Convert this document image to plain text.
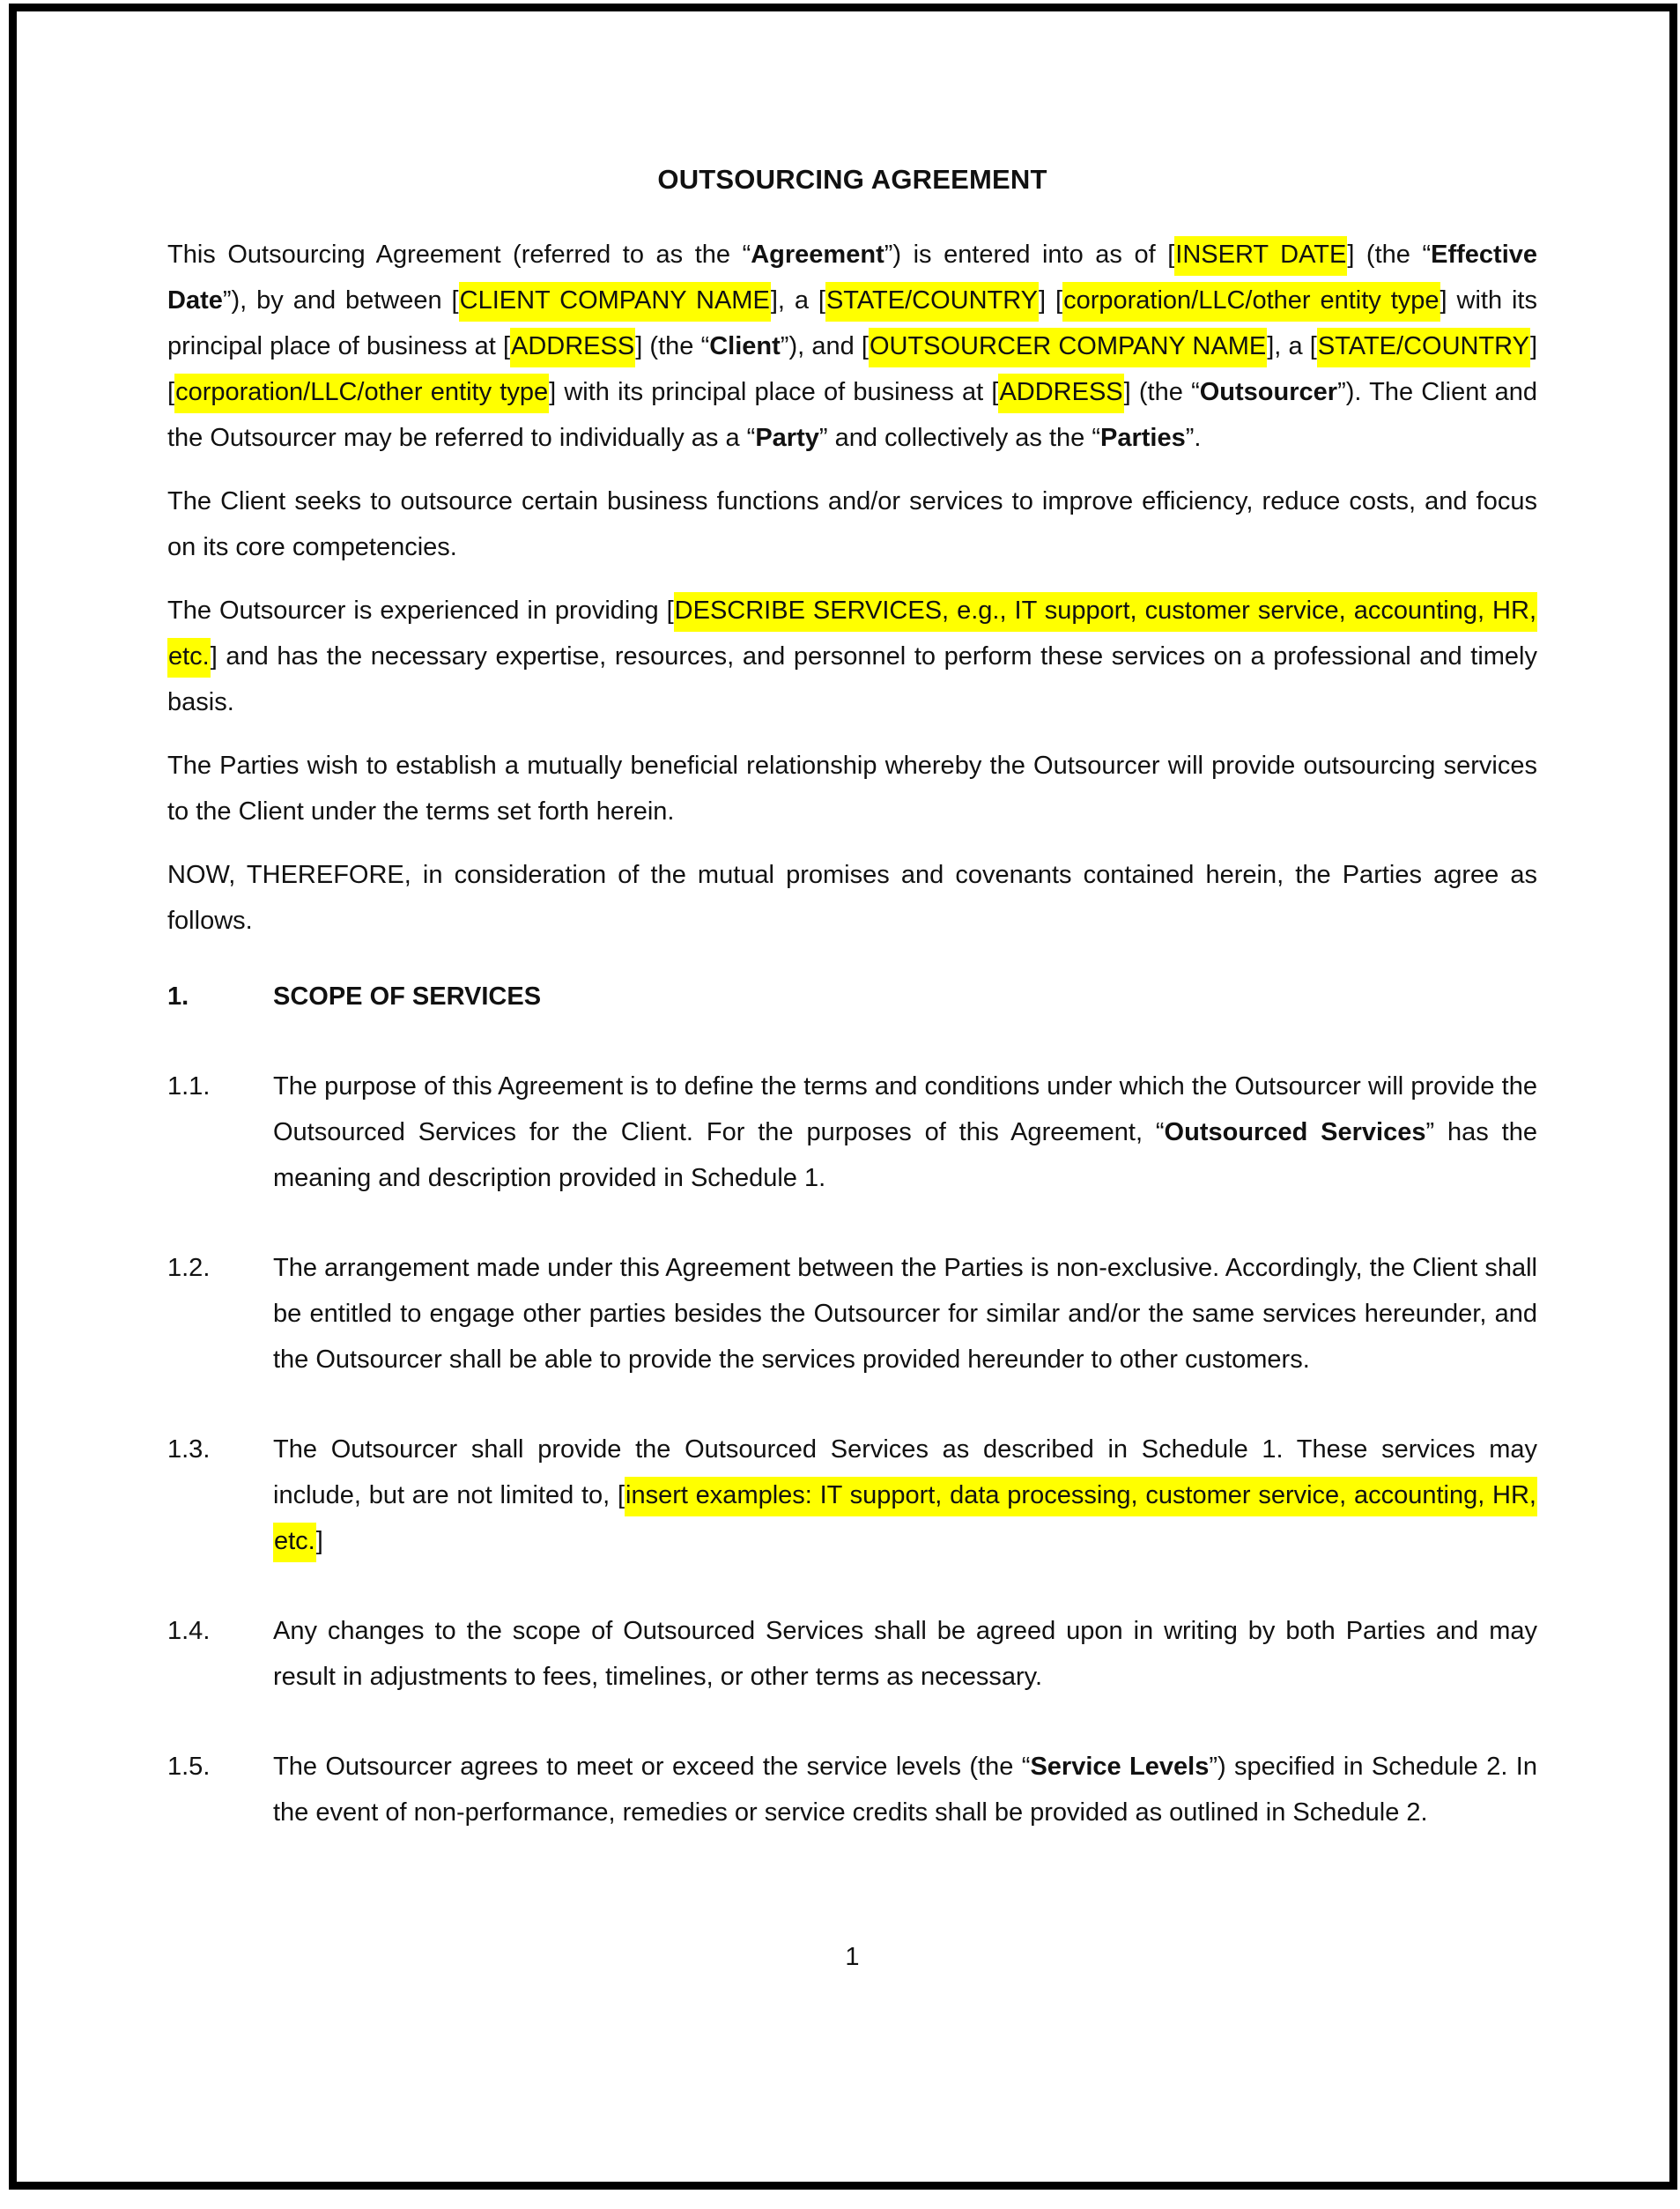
OUTSOURCING AGREEMENT
This Outsourcing Agreement (referred to as the “Agreement”) is entered into as of [INSERT DATE] (the “Effective Date”), by and between [CLIENT COMPANY NAME], a [STATE/COUNTRY] [corporation/LLC/other entity type] with its principal place of business at [ADDRESS] (the “Client”), and [OUTSOURCER COMPANY NAME], a [STATE/COUNTRY] [corporation/LLC/other entity type] with its principal place of business at [ADDRESS] (the “Outsourcer”). The Client and the Outsourcer may be referred to individually as a “Party” and collectively as the “Parties”.
The Client seeks to outsource certain business functions and/or services to improve efficiency, reduce costs, and focus on its core competencies.
The Outsourcer is experienced in providing [DESCRIBE SERVICES, e.g., IT support, customer service, accounting, HR, etc.] and has the necessary expertise, resources, and personnel to perform these services on a professional and timely basis.
The Parties wish to establish a mutually beneficial relationship whereby the Outsourcer will provide outsourcing services to the Client under the terms set forth herein.
NOW, THEREFORE, in consideration of the mutual promises and covenants contained herein, the Parties agree as follows.
1.	SCOPE OF SERVICES
1.1. The purpose of this Agreement is to define the terms and conditions under which the Outsourcer will provide the Outsourced Services for the Client. For the purposes of this Agreement, “Outsourced Services” has the meaning and description provided in Schedule 1.
1.2. The arrangement made under this Agreement between the Parties is non-exclusive. Accordingly, the Client shall be entitled to engage other parties besides the Outsourcer for similar and/or the same services hereunder, and the Outsourcer shall be able to provide the services provided hereunder to other customers.
1.3. The Outsourcer shall provide the Outsourced Services as described in Schedule 1. These services may include, but are not limited to, [insert examples: IT support, data processing, customer service, accounting, HR, etc.]
1.4. Any changes to the scope of Outsourced Services shall be agreed upon in writing by both Parties and may result in adjustments to fees, timelines, or other terms as necessary.
1.5. The Outsourcer agrees to meet or exceed the service levels (the “Service Levels”) specified in Schedule 2. In the event of non-performance, remedies or service credits shall be provided as outlined in Schedule 2.
1
